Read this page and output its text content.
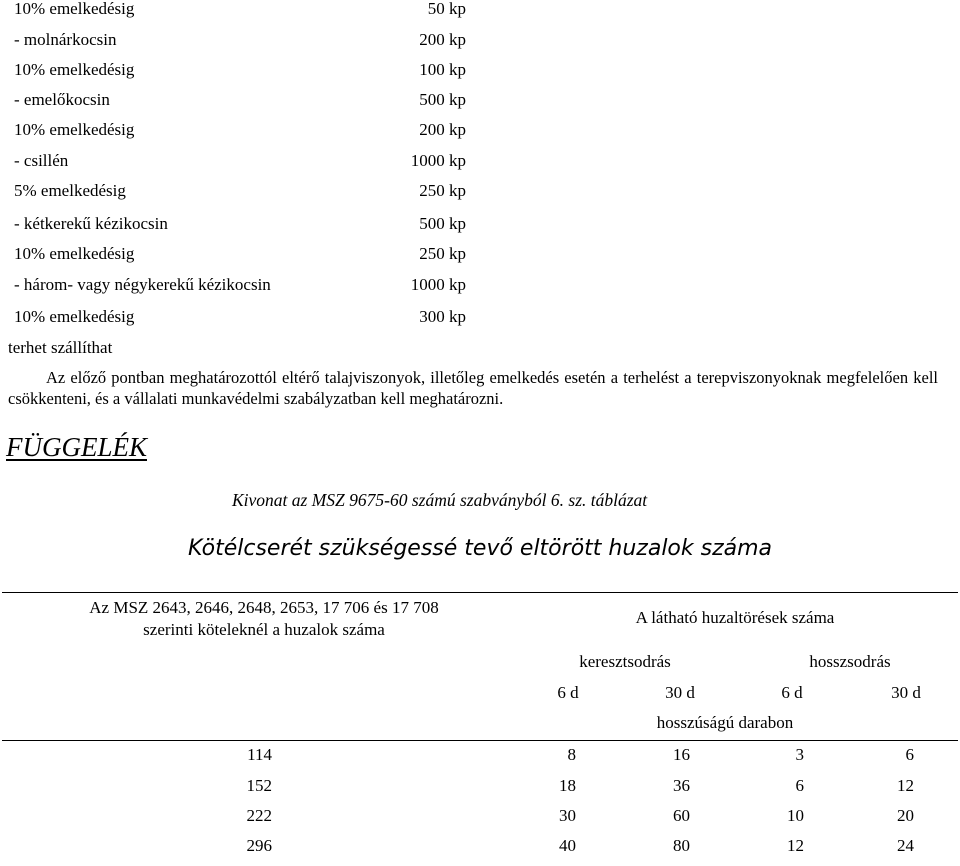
10% emelkedésig	50 kp
- molnárkocsin	200 kp
10% emelkedésig	100 kp
- emelőkocsin	500 kp
10% emelkedésig	200 kp
- csillén	1000 kp
5% emelkedésig	250 kp
- kétkerekű kézikocsin	500 kp
10% emelkedésig	250 kp
- három- vagy négykerekű kézikocsin	1000 kp
10% emelkedésig	300 kp
terhet szállíthat
Az előző pontban meghatározottól eltérő talajviszonyok, illetőleg emelkedés esetén a terhelést a terepviszonyoknak megfelelően kell csökkenteni, és a vállalati munkavédelmi szabályzatban kell meghatározni.
FÜGGELÉK
Kivonat az MSZ 9675-60 számú szabványból 6. sz. táblázat
Kötélcserét szükségessé tevő eltörött huzalok száma
Az MSZ 2643, 2646, 2648, 2653, 17 706 és 17 708
szerinti köteleknél a huzalok száma
A látható huzaltörések száma
keresztsodrás	hosszsodrás
6 d	30 d	6 d	30 d
hosszúságú darabon
114	8	16	3	6
152	18	36	6	12
222	30	60	10	20
296	40	80	12	24
